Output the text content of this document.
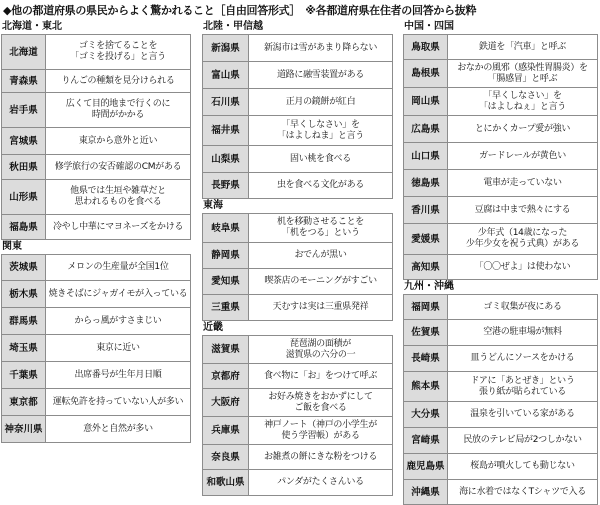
◆他の都道府県の県民からよく驚かれること［自由回答形式］　※各都道府県在住者の回答から抜粋
北海道・東北
北海道	ゴミを捨てることを
「ゴミを投げる」と言う
青森県	りんごの種類を見分けられる
岩手県	広くて目的地まで行くのに
時間がかかる
宮城県	東京から意外と近い
秋田県	修学旅行の安否確認のCMがある
山形県	他県では生垣や雑草だと
思われるものを食べる
福島県	冷やし中華にマヨネーズをかける
関東
茨城県	メロンの生産量が全国1位
栃木県	焼きそばにジャガイモが入っている
群馬県	からっ風がすさまじい
埼玉県	東京に近い
千葉県	出席番号が生年月日順
東京都	運転免許を持っていない人が多い
神奈川県	意外と自然が多い
北陸・甲信越
新潟県	新潟市は雪があまり降らない
富山県	道路に融雪装置がある
石川県	正月の鏡餅が紅白
福井県	「早くしなさい」を
「はよしねま」と言う
山梨県	固い桃を食べる
長野県	虫を食べる文化がある
東海
岐阜県	机を移動させることを
「机をつる」という
静岡県	おでんが黒い
愛知県	喫茶店のモーニングがすごい
三重県	天むすは実は三重県発祥
近畿
滋賀県	琵琶湖の面積が
滋賀県の六分の一
京都府	食べ物に「お」をつけて呼ぶ
大阪府	お好み焼きをおかずにして
ご飯を食べる
兵庫県	神戸ノート（神戸の小学生が
使う学習帳）がある
奈良県	お雑煮の餅にきな粉をつける
和歌山県	パンダがたくさんいる
中国・四国
鳥取県	鉄道を「汽車」と呼ぶ
島根県	おなかの風邪（感染性胃腸炎）を
「腸感冒」と呼ぶ
岡山県	「早くしなさい」を
「はよしねぇ」と言う
広島県	とにかくカープ愛が強い
山口県	ガードレールが黄色い
徳島県	電車が走っていない
香川県	豆腐は中まで熱々にする
愛媛県	少年式（14歳になった
少年少女を祝う式典）がある
高知県	「〇〇ぜよ」は使わない
九州・沖縄
福岡県	ゴミ収集が夜にある
佐賀県	空港の駐車場が無料
長崎県	皿うどんにソースをかける
熊本県	ドアに「あとぜき」という
張り紙が貼られている
大分県	温泉を引いている家がある
宮崎県	民放のテレビ局が2つしかない
鹿児島県	桜島が噴火しても動じない
沖縄県	海に水着ではなくTシャツで入る
